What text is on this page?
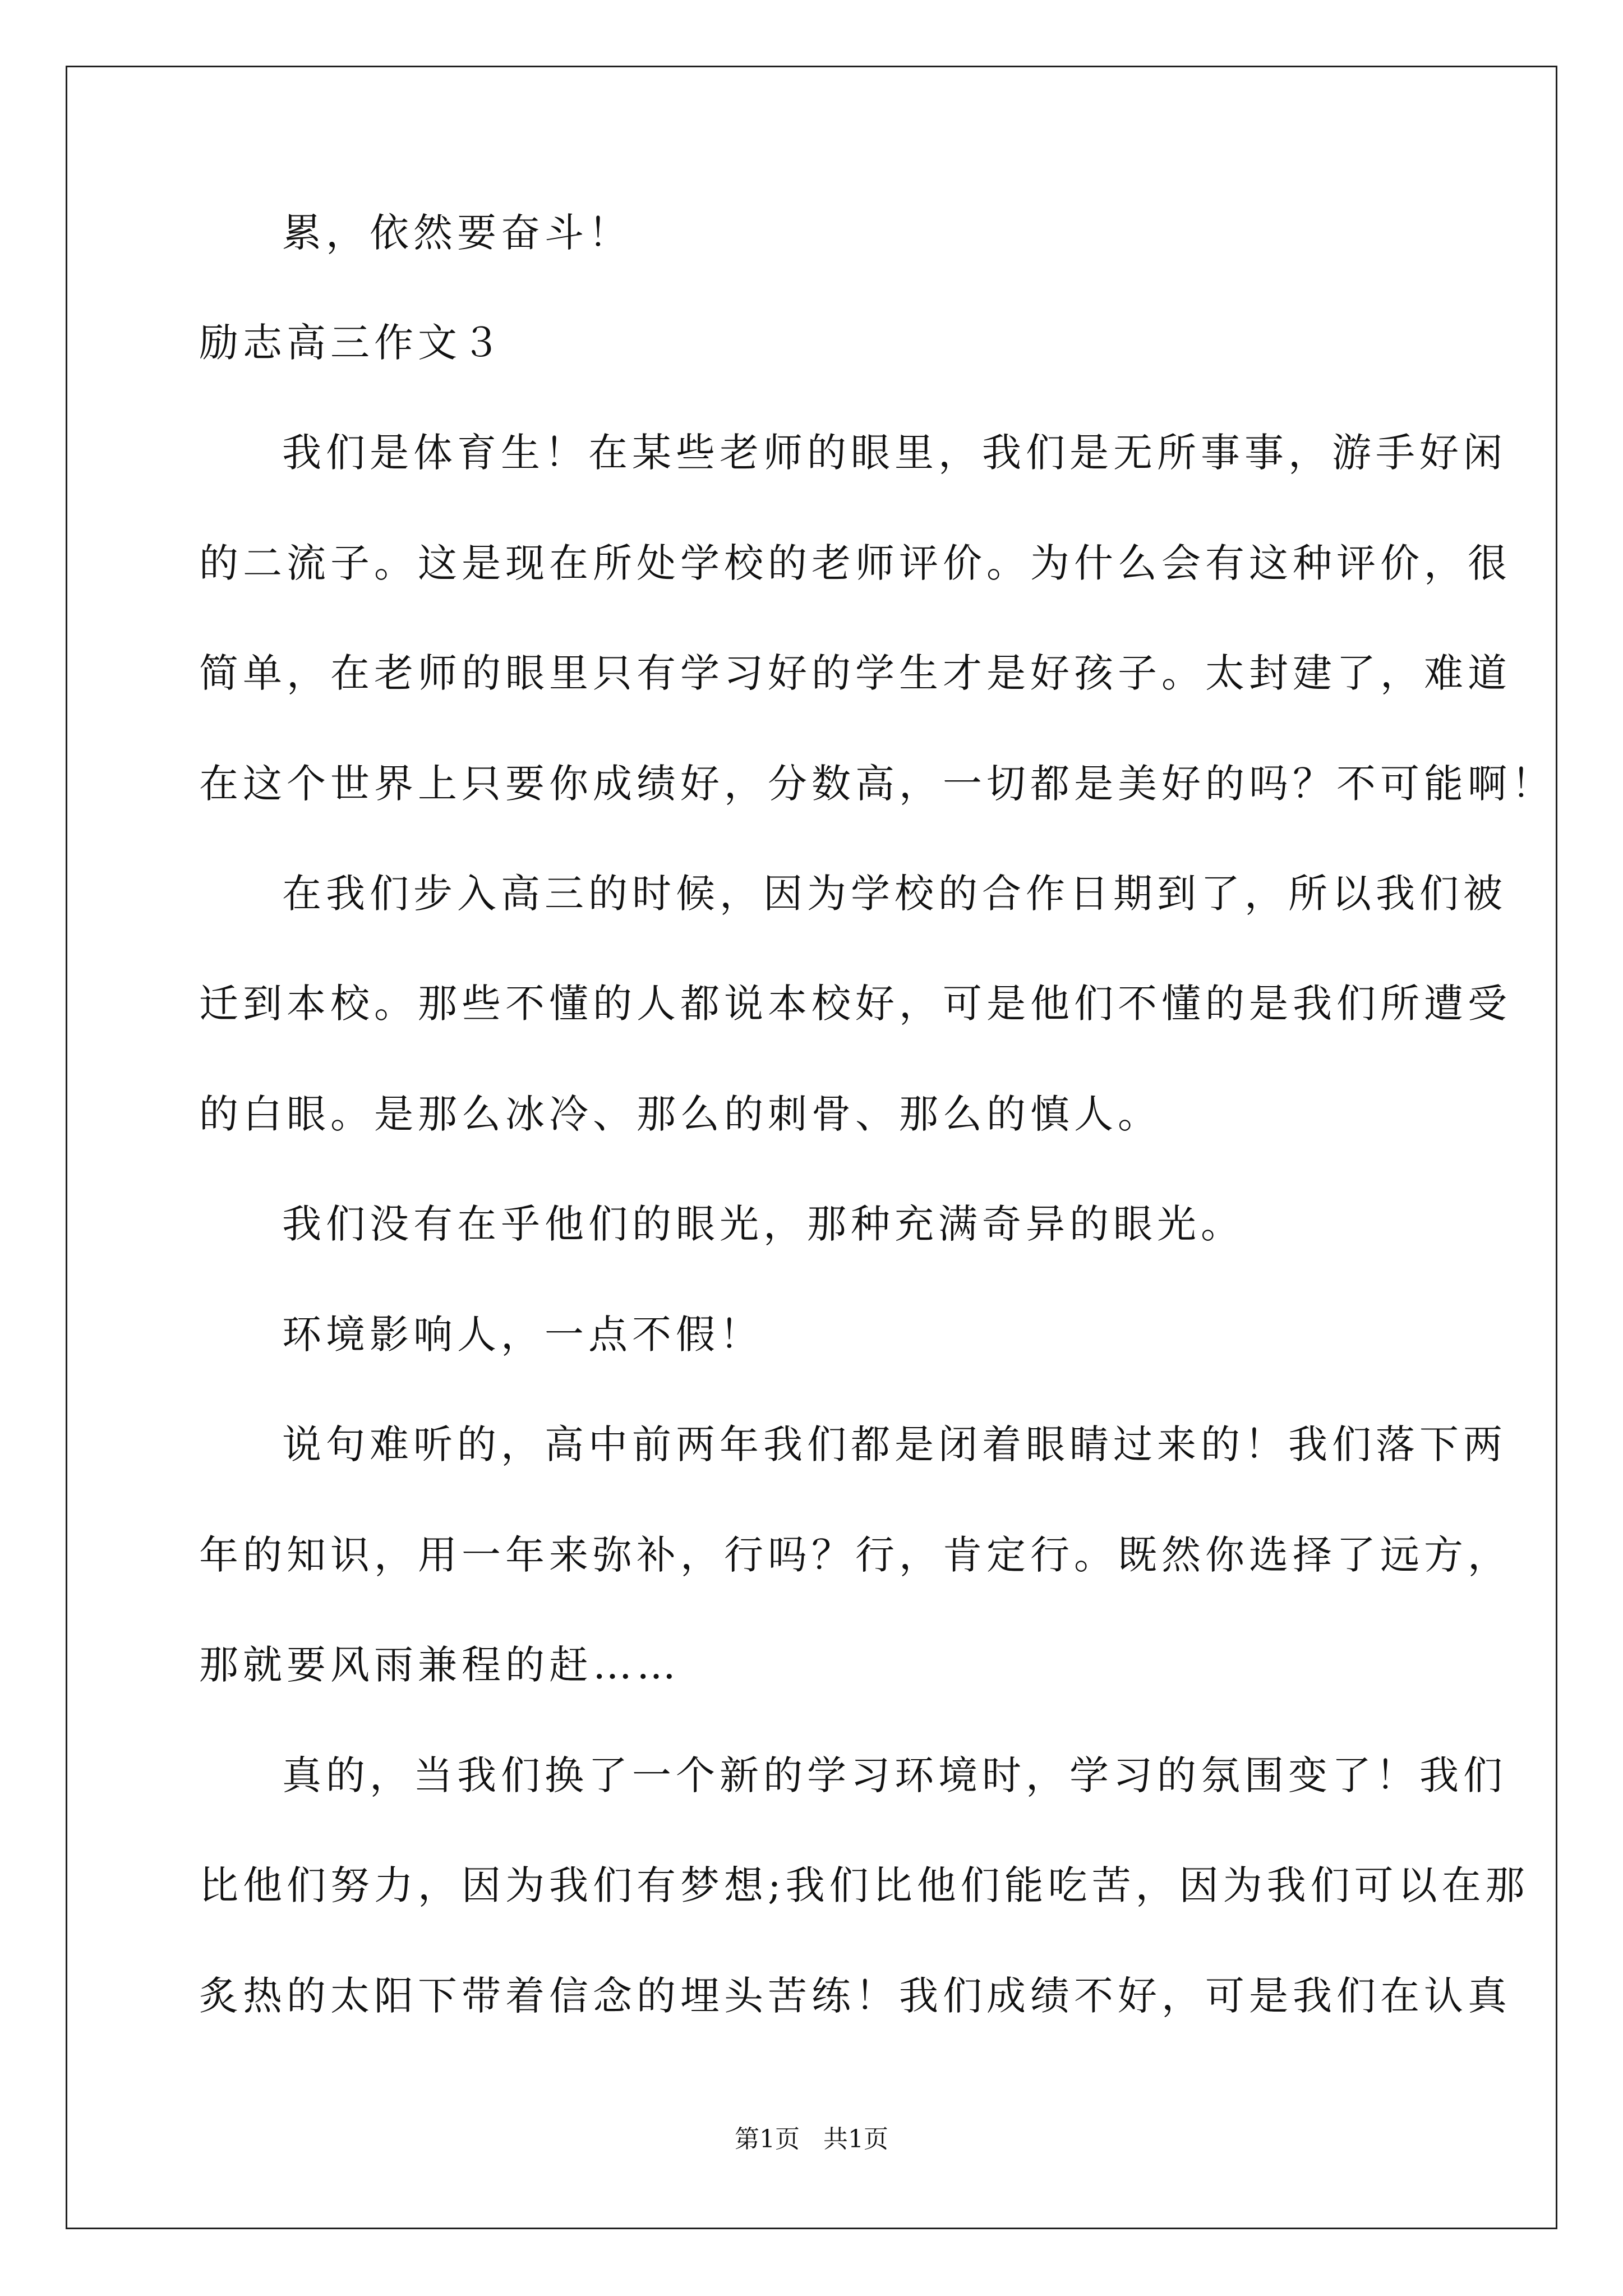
累，依然要奋斗！

励志高三作文３

我们是体育生！在某些老师的眼里，我们是无所事事，游手好闲

的二流子。这是现在所处学校的老师评价。为什么会有这种评价，很

简单，在老师的眼里只有学习好的学生才是好孩子。太封建了，难道

在这个世界上只要你成绩好，分数高，一切都是美好的吗？不可能啊！

在我们步入高三的时候，因为学校的合作日期到了，所以我们被

迁到本校。那些不懂的人都说本校好，可是他们不懂的是我们所遭受

的白眼。是那么冰冷、那么的刺骨、那么的慎人。

我们没有在乎他们的眼光，那种充满奇异的眼光。

环境影响人，一点不假！

说句难听的，高中前两年我们都是闭着眼睛过来的！我们落下两

年的知识，用一年来弥补，行吗？行，肯定行。既然你选择了远方，

那就要风雨兼程的赶……

真的，当我们换了一个新的学习环境时，学习的氛围变了！我们

比他们努力，因为我们有梦想;我们比他们能吃苦，因为我们可以在那

炙热的太阳下带着信念的埋头苦练！我们成绩不好，可是我们在认真

第1页   共1页
